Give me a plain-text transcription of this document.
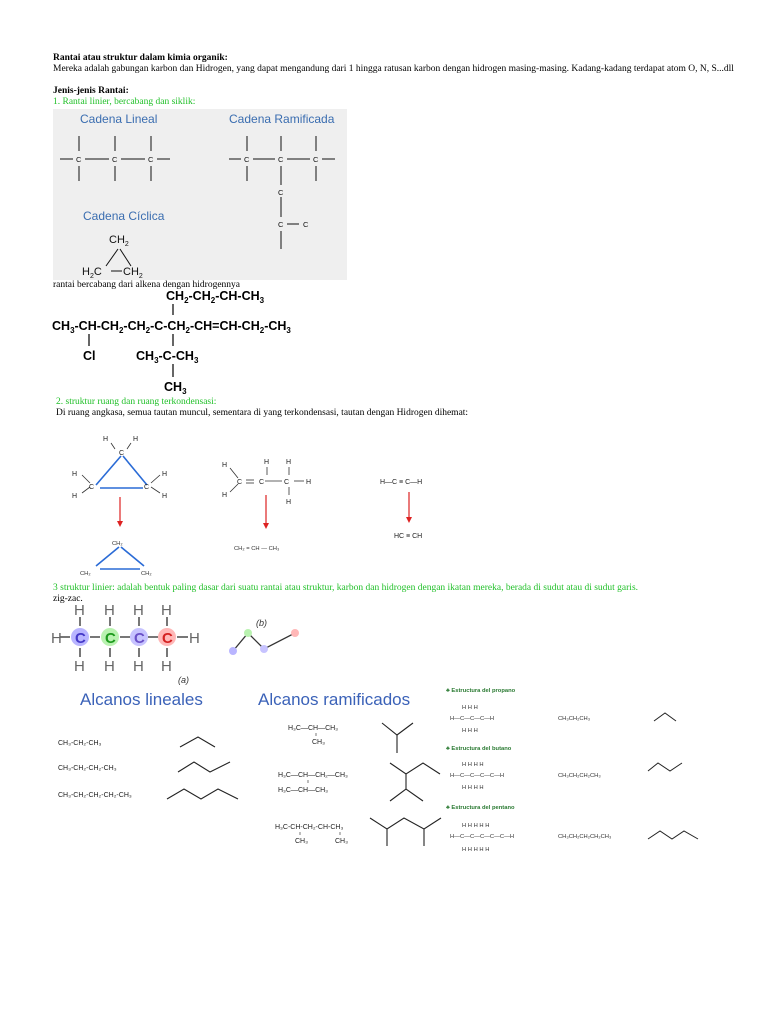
Rantai atau struktur dalam kimia organik:
Mereka adalah gabungan karbon dan Hidrogen, yang dapat mengandung dari 1 hingga ratusan karbon dengan hidrogen masing-masing. Kadang-kadang terdapat atom O, N, S...dll
Jenis-jenis Rantai:
1. Rantai linier, bercabang dan siklik:
Cadena Lineal	Cadena Ramificada
Cadena Cíclica
C	C	C	C	C	C
C
C	C
$CH_2$
$H_2C$ $CH_2$
rantai bercabang dari alkena dengan hidrogennya
$CH_2-CH_2-CH-CH_3$
$CH_3-CH-CH_2-CH_2-C-CH_2-CH=CH-CH_2-CH_3$
Cl	$CH_3-C-CH_3$
$CH_3$
2. struktur ruang dan ruang terkondensasi:
Di ruang angkasa, semua tautan muncul, sementara di yang terkondensasi, tautan dengan Hidrogen dihemat:
H	H
C
H
H
C	C
H
H
CH₂
CH₂	CH₂
H
H
C C	C
H H
H
H
CH₂ = CH — CH₃
H—C ≡ C—H
HC ≡ CH
3 struktur linier: adalah bentuk paling dasar dari suatu rantai atau struktur, karbon dan hidrogen dengan ikatan mereka, berada di sudut atau di sudut garis.
zig-zac.
H
H H H H
H H H H
H
C C C C
(a)
(b)
Alcanos lineales	Alcanos ramificados
CH₃-CH₂-CH₃
CH₃-CH₂-CH₂-CH₃
CH₃-CH₂-CH₂-CH₂-CH₃
H₃C—CH—CH₃
CH₃
H₃C—CH—CH₂—CH₃
H₃C—CH—CH₃
H₃C-CH-CH₂-CH-CH₃
CH₃	CH₃
♣ Estructura del propano
H—C—C—C—H
H H H
H H H
CH₃CH₂CH₃
♣ Estructura del butano
H—C—C—C—C—H
H H H H
H H H H
CH₃CH₂CH₂CH₃
♣ Estructura del pentano
H—C—C—C—C—C—H
H H H H H
H H H H H
CH₃CH₂CH₂CH₂CH₃
